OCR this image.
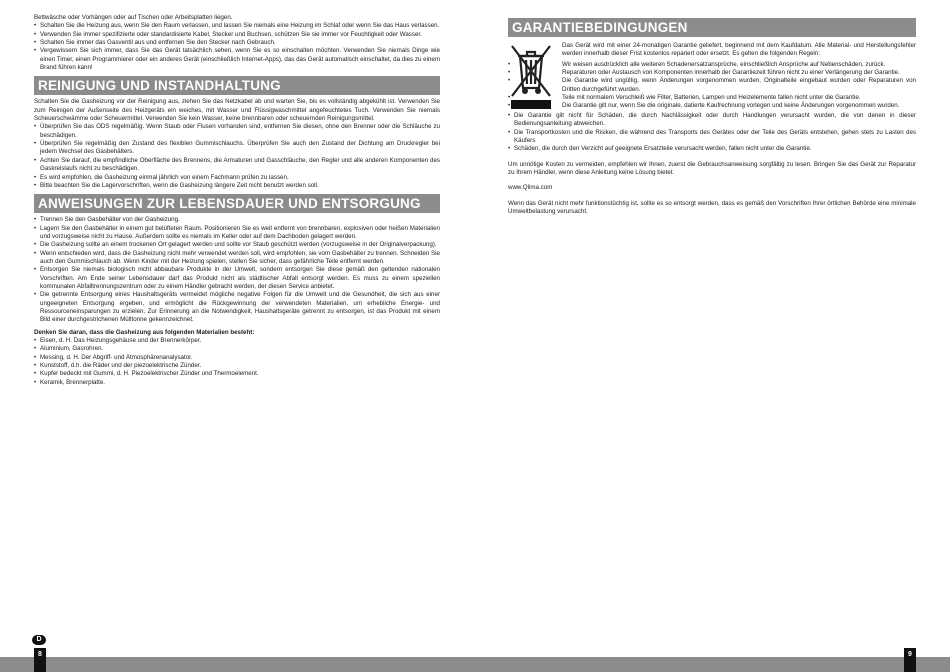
Bettwäsche oder Vorhängen oder auf Tischen oder Arbeitsplatten liegen.

• Schalten Sie die Heizung aus, wenn Sie den Raum verlassen, und lassen Sie niemals eine Heizung im Schlaf oder wenn Sie das Haus verlassen.
• Verwenden Sie immer spezifizierte oder standardisierte Kabel, Stecker und Buchsen, schützen Sie sie immer vor Feuchtigkeit oder Wasser.
• Schalten Sie immer das Gasventil aus und entfernen Sie den Stecker nach Gebrauch.
• Vergewissern Sie sich immer, dass Sie das Gerät tatsächlich sehen, wenn Sie es so einschalten möchten. Verwenden Sie niemals Dinge wie einen Timer, einen Programmierer oder ein anderes Gerät (einschließlich Internet-Apps), das das Gerät automatisch einschaltet, da dies zu einem Brand führen kann!
REINIGUNG UND INSTANDHALTUNG

Schalten Sie die Gasheizung vor der Reinigung aus, ziehen Sie das Netzkabel ab und warten Sie, bis es vollständig abgekühlt ist. Verwenden Sie zum Reinigen der Außenseite des Heizgeräts ein weiches, mit Wasser und Flüssigwaschmittel angefeuchtetes Tuch. Verwenden Sie niemals Scheuerschwämme oder Scheuermittel. Verwenden Sie kein Wasser, keine brennbaren oder scheuernden Reinigungsmittel.

• Überprüfen Sie das ODS regelmäßig. Wenn Staub oder Flusen vorhanden sind, entfernen Sie diesen, ohne den Brenner oder die Schläuche zu beschädigen.
• Überprüfen Sie regelmäßig den Zustand des flexiblen Gummischlauchs. Überprüfen Sie auch den Zustand der Dichtung am Druckregler bei jedem Wechsel des Gasbehälters.
• Achten Sie darauf, die empfindliche Oberfläche des Brennens, die Armaturen und Gasschläuche, den Regler und alle anderen Komponenten des Gaskreislaufs nicht zu beschädigen.
• Es wird empfohlen, die Gasheizung einmal jährlich von einem Fachmann prüfen zu lassen.
• Bitte beachten Sie die Lagervorschriften, wenn die Gasheizung längere Zeit nicht benutzt werden soll.
ANWEISUNGEN ZUR LEBENSDAUER UND ENTSORGUNG
• Trennen Sie den Gasbehälter von der Gasheizung.
• Lagern Sie den Gasbehälter in einem gut belüfteten Raum. Positionieren Sie es weit entfernt von brennbaren, explosiven oder heißen Materialien und vorzugsweise nicht zu Hause. Außerdem sollte es niemals im Keller oder auf dem Dachboden gelagert werden.
• Die Gasheizung sollte an einem trockenen Ort gelagert werden und sollte vor Staub geschützt werden (vorzugsweise in der Originalverpackung).
• Wenn entschieden wird, dass die Gasheizung nicht mehr verwendet werden soll, wird empfohlen, sie vom Gasbehälter zu trennen. Schneiden Sie auch den Gummischlauch ab. Wenn Kinder mit der Heizung spielen, stellen Sie sicher, dass gefährliche Teile entfernt werden.
• Entsorgen Sie niemals biologisch nicht abbaubare Produkte in der Umwelt, sondern entsorgen Sie diese gemäß den geltenden nationalen Vorschriften. Am Ende seiner Lebensdauer darf das Produkt nicht als städtischer Abfall entsorgt werden. Es muss zu einem speziellen kommunalen Abfalltrennungszentrum oder zu einem Händler gebracht werden, der diesen Service anbietet.
• Die getrennte Entsorgung eines Haushaltsgeräts vermeidet mögliche negative Folgen für die Umwelt und die Gesundheit, die sich aus einer ungeeigneten Entsorgung ergeben, und ermöglicht die Rückgewinnung der verwendeten Materialien, um erhebliche Energie- und Ressourceneinsparungen zu erzielen. Zur Erinnerung an die Notwendigkeit, Haushaltsgeräte getrennt zu entsorgen, ist das Produkt mit einem Bild einer durchgestrichenen Mülltonne gekennzeichnet.

Denken Sie daran, dass die Gasheizung aus folgenden Materialien besteht:

• Eisen, d. H. Das Heizungsgehäuse und der Brennerkörper.
• Aluminium, Gasrohren.
• Messing, d. H. Der Abgriff- und Atmosphärenanalysator.
• Kunststoff, d.h. die Räder und der piezoelektrische Zünder.
• Kupfer bedeckt mit Gummi, d. H. Piezoelektrischer Zünder und Thermoelement.
• Keramik, Brennerplatte.
GARANTIEBEDINGUNGEN

Das Gerät wird mit einer 24-monatigen Garantie geliefert, beginnend mit dem Kaufdatum. Alle Material- und Herstellungsfehler werden innerhalb dieser Frist kostenlos repariert oder ersetzt. Es gelten die folgenden Regeln:

• Wir weisen ausdrücklich alle weiteren Schadenersatzansprüche, einschließlich Ansprüche auf Nebenschäden, zurück.
• Reparaturen oder Austausch von Komponenten innerhalb der Garantiezeit führen nicht zu einer Verlängerung der Garantie.
• Die Garantie wird ungültig, wenn Änderungen vorgenommen wurden, Originalteile eingebaut wurden oder Reparaturen von Dritten durchgeführt wurden.
• Teile mit normalem Verschleiß wie Filter, Batterien, Lampen und Heizelemente fallen nicht unter die Garantie.
• Die Garantie gilt nur, wenn Sie die originale, datierte Kaufrechnung vorlegen und keine Änderungen vorgenommen wurden.
• Die Garantie gilt nicht für Schäden, die durch Nachlässigkeit oder durch Handlungen verursacht wurden, die von denen in dieser Bedienungsanleitung abweichen.
• Die Transportkosten und die Risiken, die während des Transports des Gerätes oder der Teile des Geräts entstehen, gehen stets zu Lasten des Käufers
• Schäden, die durch den Verzicht auf geeignete Ersatzteile verursacht werden, fallen nicht unter die Garantie.

Um unnötige Kosten zu vermeiden, empfehlen wir Ihnen, zuerst die Gebrauchsanweisung sorgfältig zu lesen. Bringen Sie das Gerät zur Reparatur zu Ihrem Händler, wenn diese Anleitung keine Lösung bietet.

www.Qlima.com

Wenn das Gerät nicht mehr funktionstüchtig ist, sollte es so entsorgt werden, dass es gemäß den Vorschriften Ihrer örtlichen Behörde eine minimale Umweltbelastung verursacht.

D
8	9
